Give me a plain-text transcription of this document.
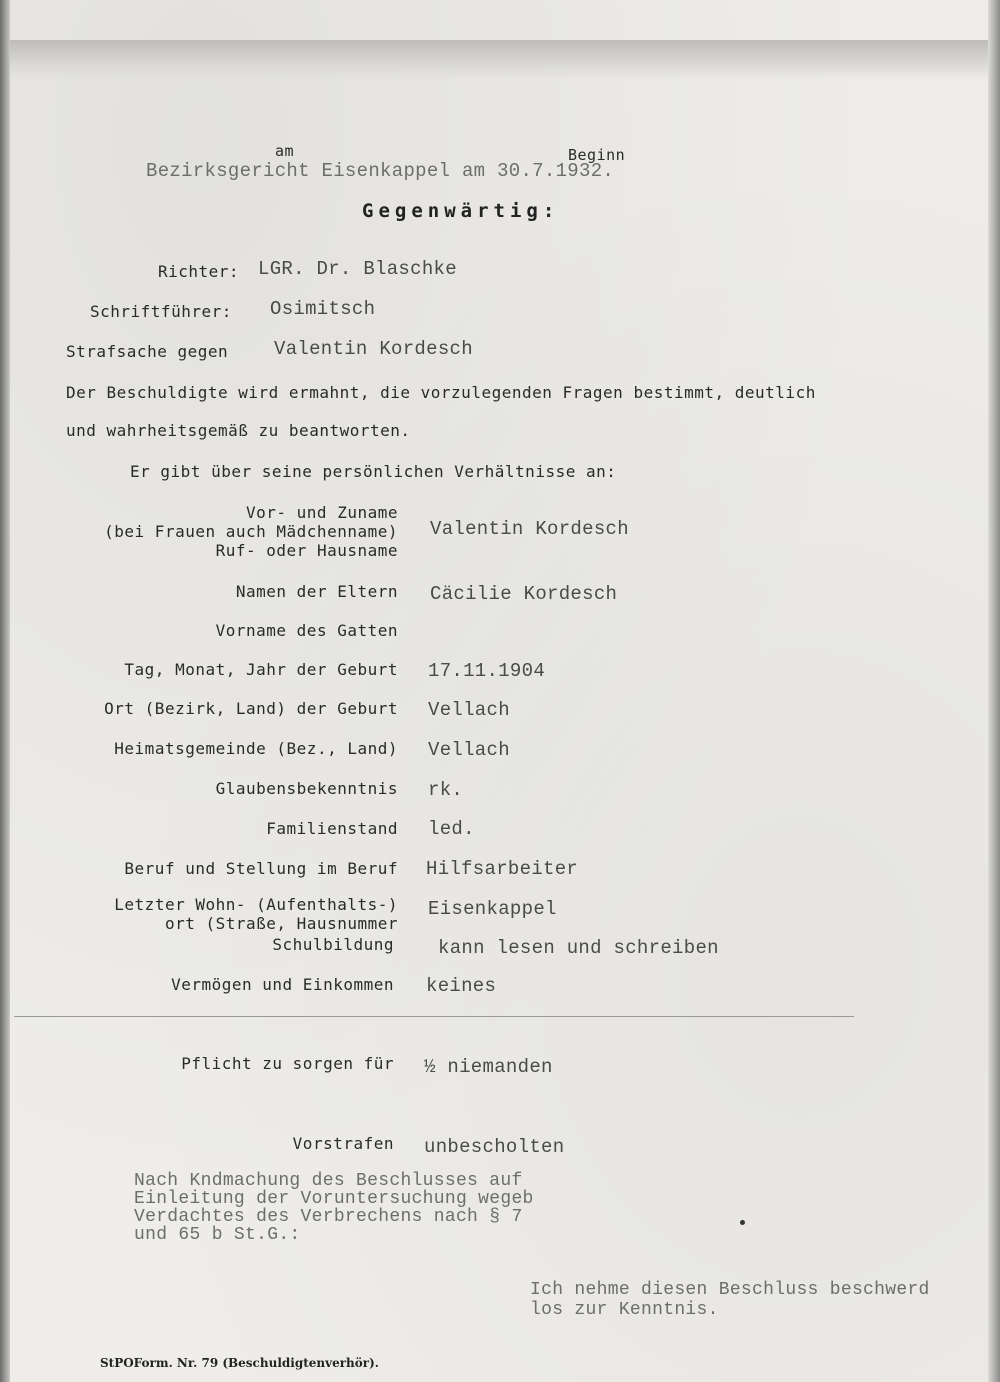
am	Beginn
Bezirksgericht Eisenkappel am 30.7.1932.
Gegenwärtig:
Richter: LGR. Dr. Blaschke
Schriftführer: Osimitsch
Strafsache gegen Valentin Kordesch
Der Beschuldigte wird ermahnt, die vorzulegenden Fragen bestimmt, deutlich
und wahrheitsgemäß zu beantworten.
Er gibt über seine persönlichen Verhältnisse an:
Vor- und Zuname
(bei Frauen auch Mädchenname)
Ruf- oder Hausname
Valentin Kordesch
Namen der Eltern Cäcilie Kordesch
Vorname des Gatten
Tag, Monat, Jahr der Geburt 17.11.1904
Ort (Bezirk, Land) der Geburt Vellach
Heimatsgemeinde (Bez., Land) Vellach
Glaubensbekenntnis rk.
Familienstand led.
Beruf und Stellung im Beruf Hilfsarbeiter
Letzter Wohn- (Aufenthalts-)
ort (Straße, Hausnummer
Eisenkappel
Schulbildung kann lesen und schreiben
Vermögen und Einkommen keines
Pflicht zu sorgen für ½ niemanden
Vorstrafen unbescholten
Nach Kndmachung des Beschlusses auf
Einleitung der Voruntersuchung wegeb
Verdachtes des Verbrechens nach § 7
und 65 b St.G.:
Ich nehme diesen Beschluss beschwerd
los zur Kenntnis.
StPOForm. Nr. 79 (Beschuldigtenverhör).
